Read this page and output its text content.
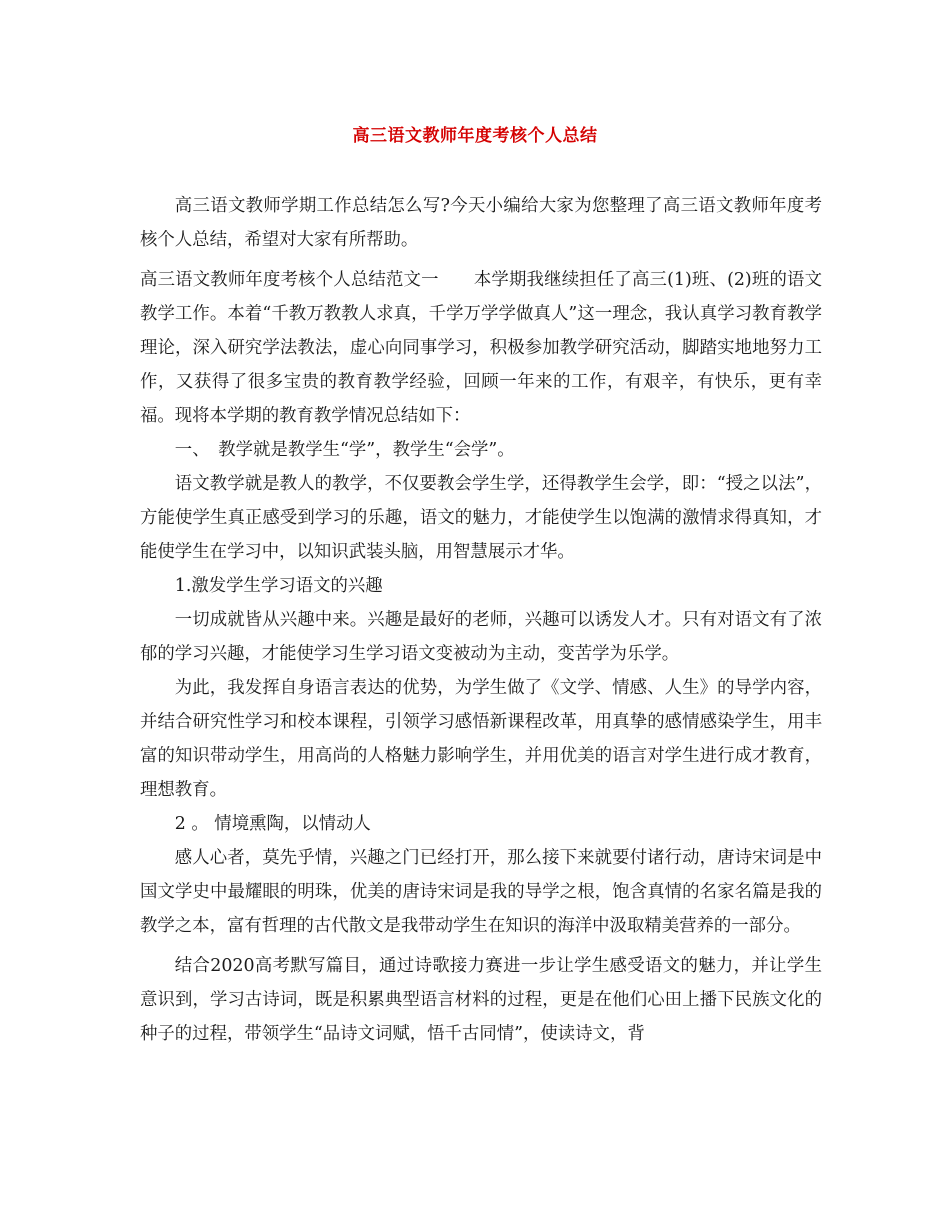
高三语文教师年度考核个人总结

高三语文教师学期工作总结怎么写?今天小编给大家为您整理了高三语文教师年度考核个人总结，希望对大家有所帮助。

高三语文教师年度考核个人总结范文一　　本学期我继续担任了高三(1)班、(2)班的语文教学工作。本着“千教万教教人求真，千学万学学做真人”这一理念，我认真学习教育教学理论，深入研究学法教法，虚心向同事学习，积极参加教学研究活动，脚踏实地地努力工作，又获得了很多宝贵的教育教学经验，回顾一年来的工作，有艰辛，有快乐，更有幸福。现将本学期的教育教学情况总结如下：

一、　教学就是教学生“学”，教学生“会学”。

语文教学就是教人的教学，不仅要教会学生学，还得教学生会学，即：“授之以法”，方能使学生真正感受到学习的乐趣，语文的魅力，才能使学生以饱满的激情求得真知，才能使学生在学习中，以知识武装头脑，用智慧展示才华。

1.激发学生学习语文的兴趣

一切成就皆从兴趣中来。兴趣是最好的老师，兴趣可以诱发人才。只有对语文有了浓郁的学习兴趣，才能使学习生学习语文变被动为主动，变苦学为乐学。

为此，我发挥自身语言表达的优势，为学生做了《文学、情感、人生》的导学内容，并结合研究性学习和校本课程，引领学习感悟新课程改革，用真挚的感情感染学生，用丰富的知识带动学生，用高尚的人格魅力影响学生，并用优美的语言对学生进行成才教育，理想教育。

2 。 情境熏陶，以情动人

感人心者，莫先乎情，兴趣之门已经打开，那么接下来就要付诸行动，唐诗宋词是中国文学史中最耀眼的明珠，优美的唐诗宋词是我的导学之根，饱含真情的名家名篇是我的教学之本，富有哲理的古代散文是我带动学生在知识的海洋中汲取精美营养的一部分。

结合2020高考默写篇目，通过诗歌接力赛进一步让学生感受语文的魅力，并让学生意识到，学习古诗词，既是积累典型语言材料的过程，更是在他们心田上播下民族文化的种子的过程，带领学生“品诗文词赋，悟千古同情”，使读诗文，背
